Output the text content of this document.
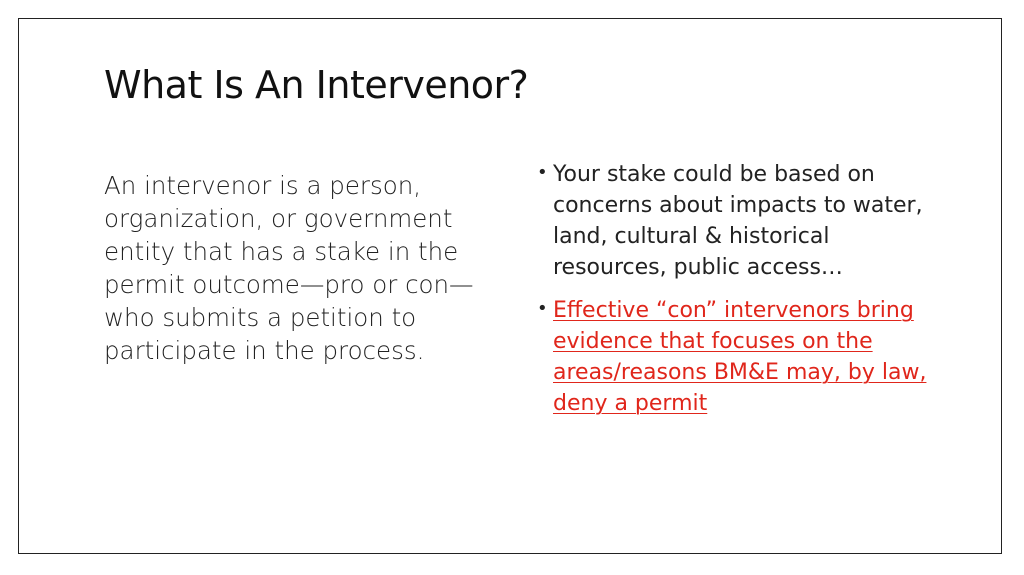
What Is An Intervenor?

An intervenor is a person, organization, or government entity that has a stake in the permit outcome—pro or con—who submits a petition to participate in the process.

• Your stake could be based on concerns about impacts to water, land, cultural & historical resources, public access…
• Effective “con” intervenors bring evidence that focuses on the areas/reasons BM&E may, by law, deny a permit
